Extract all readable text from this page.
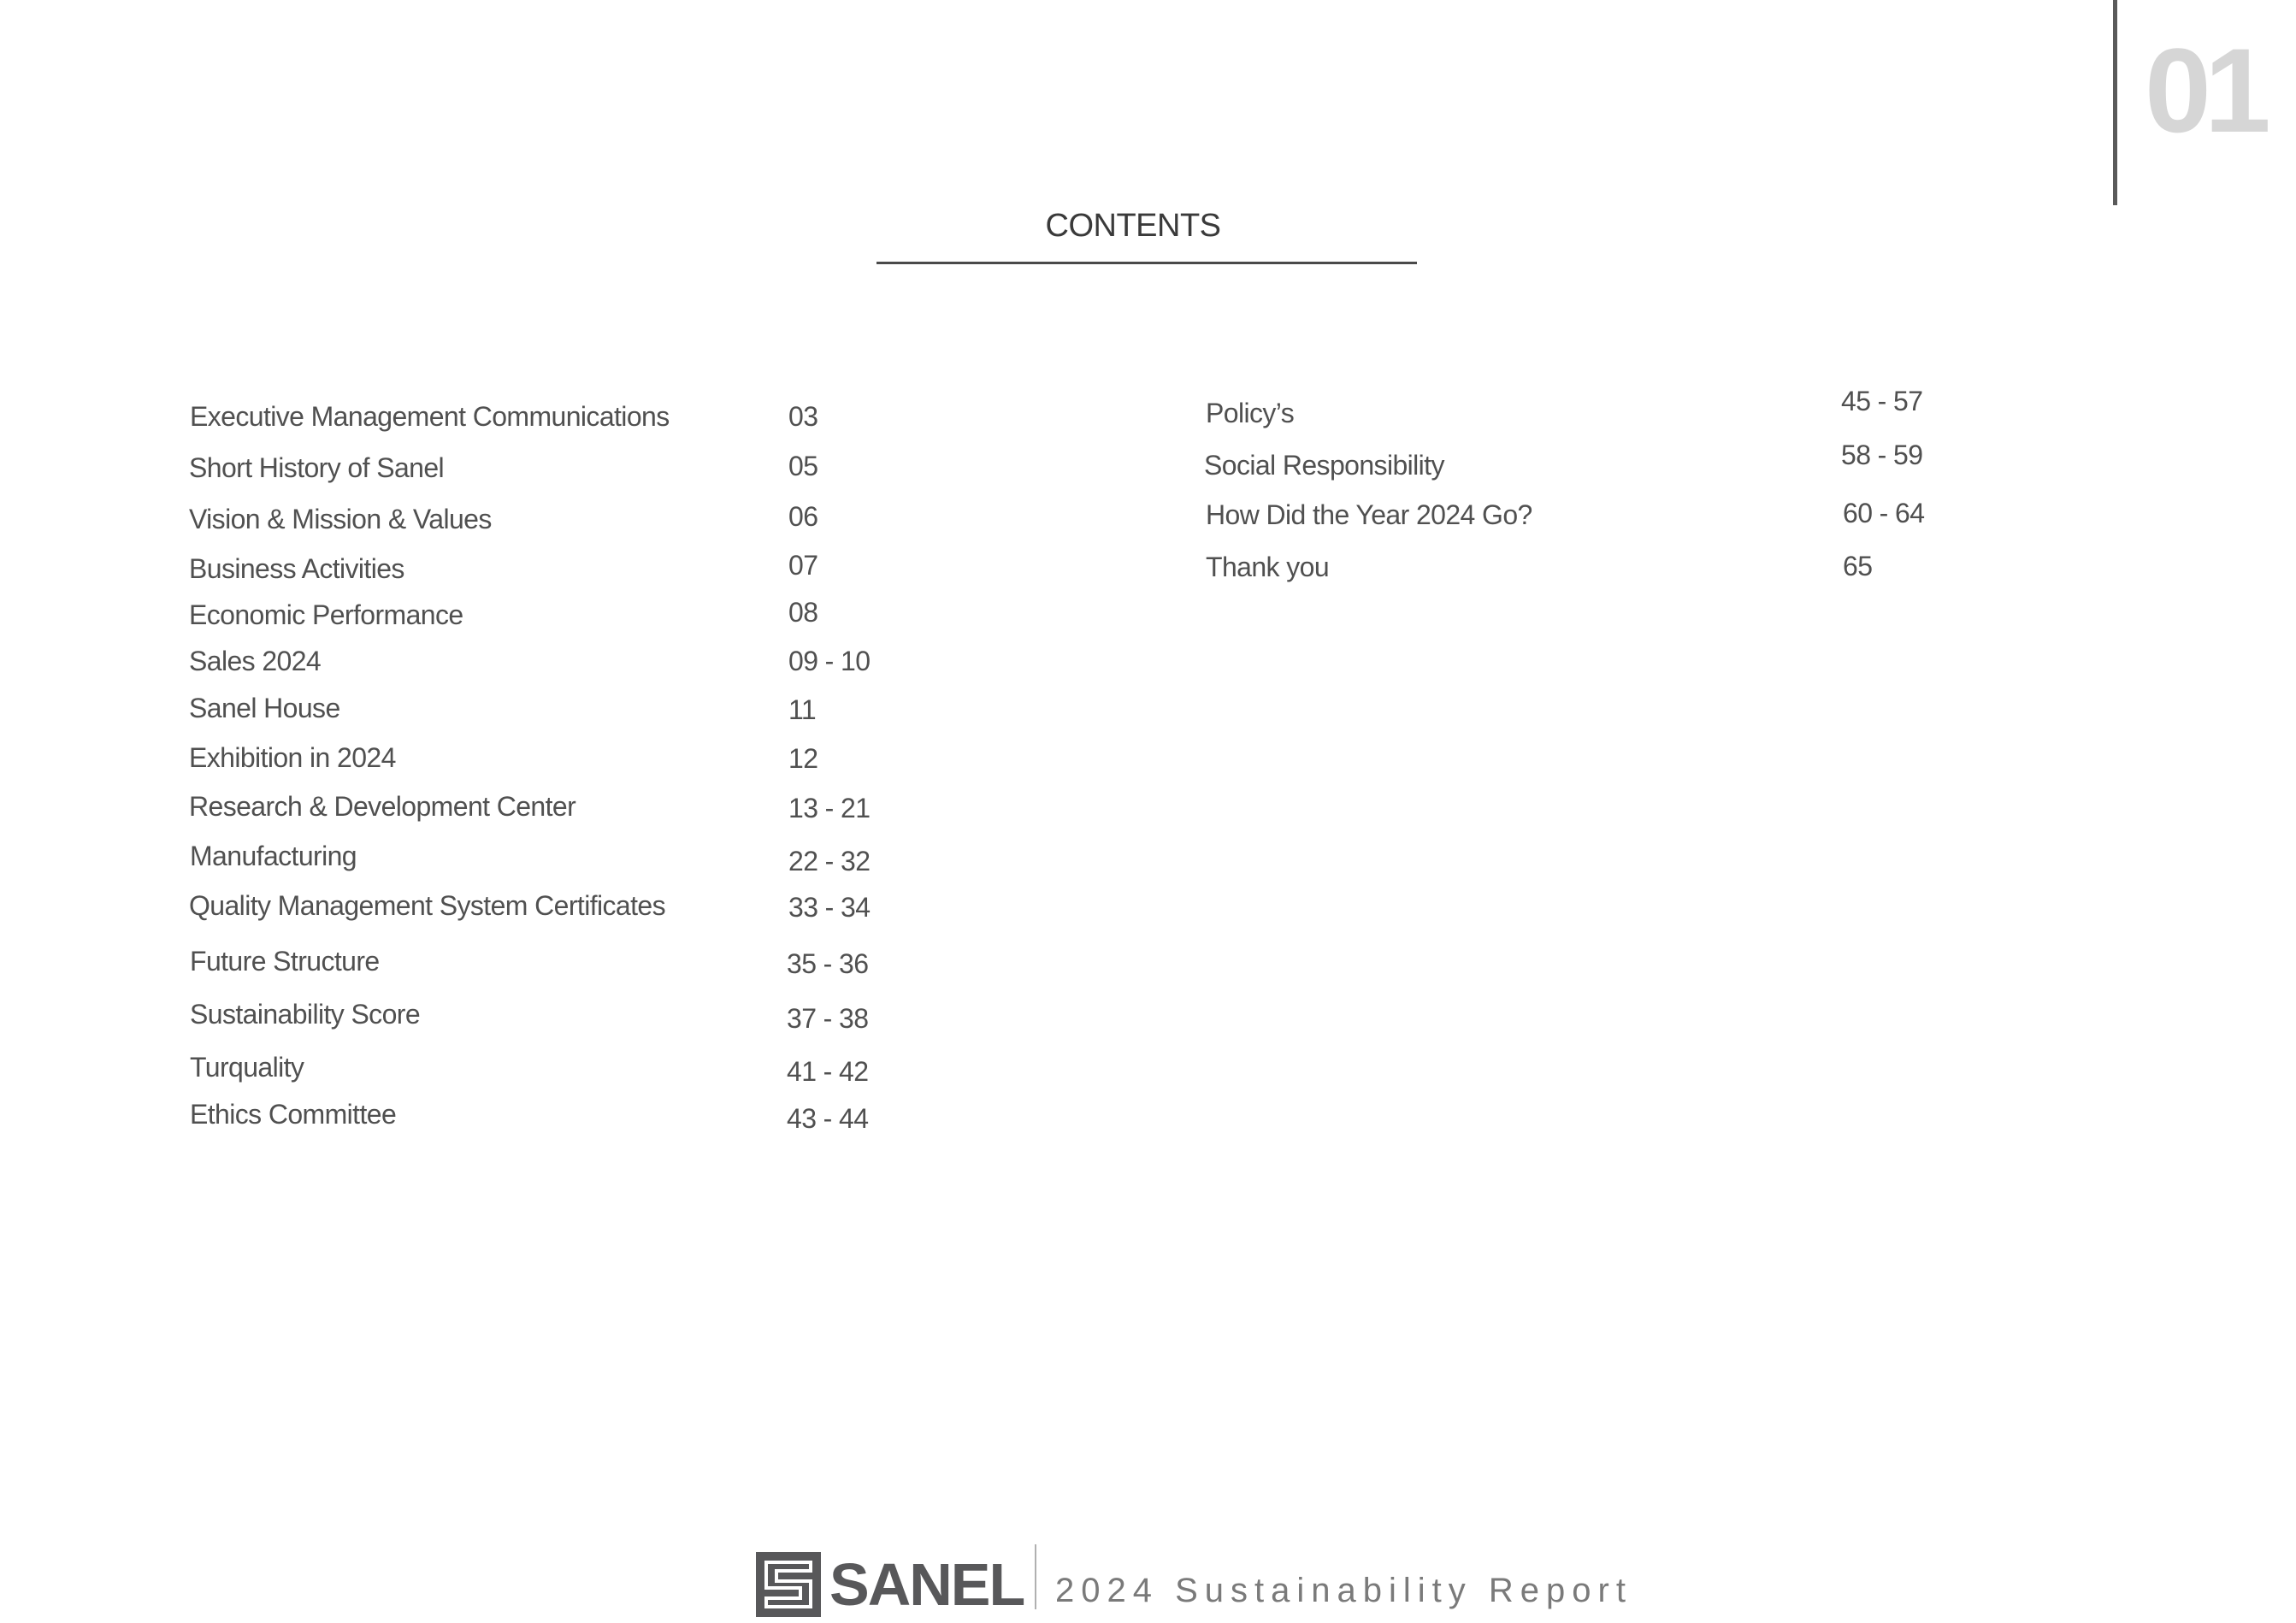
01
CONTENTS
Executive Management Communications	03
Short History of Sanel	05
Vision & Mission & Values	06
Business Activities	07
Economic Performance	08
Sales 2024	09 - 10
Sanel House	11
Exhibition in 2024	12
Research & Development Center	13 - 21
Manufacturing	22 - 32
Quality Management System Certificates	33 - 34
Future Structure	35 - 36
Sustainability Score	37 - 38
Turquality	41 - 42
Ethics Committee	43 - 44
Policy’s	45 - 57
Social Responsibility	58 - 59
How Did the Year 2024 Go?	60 - 64
Thank you	65
SANEL 2024 Sustainability Report
